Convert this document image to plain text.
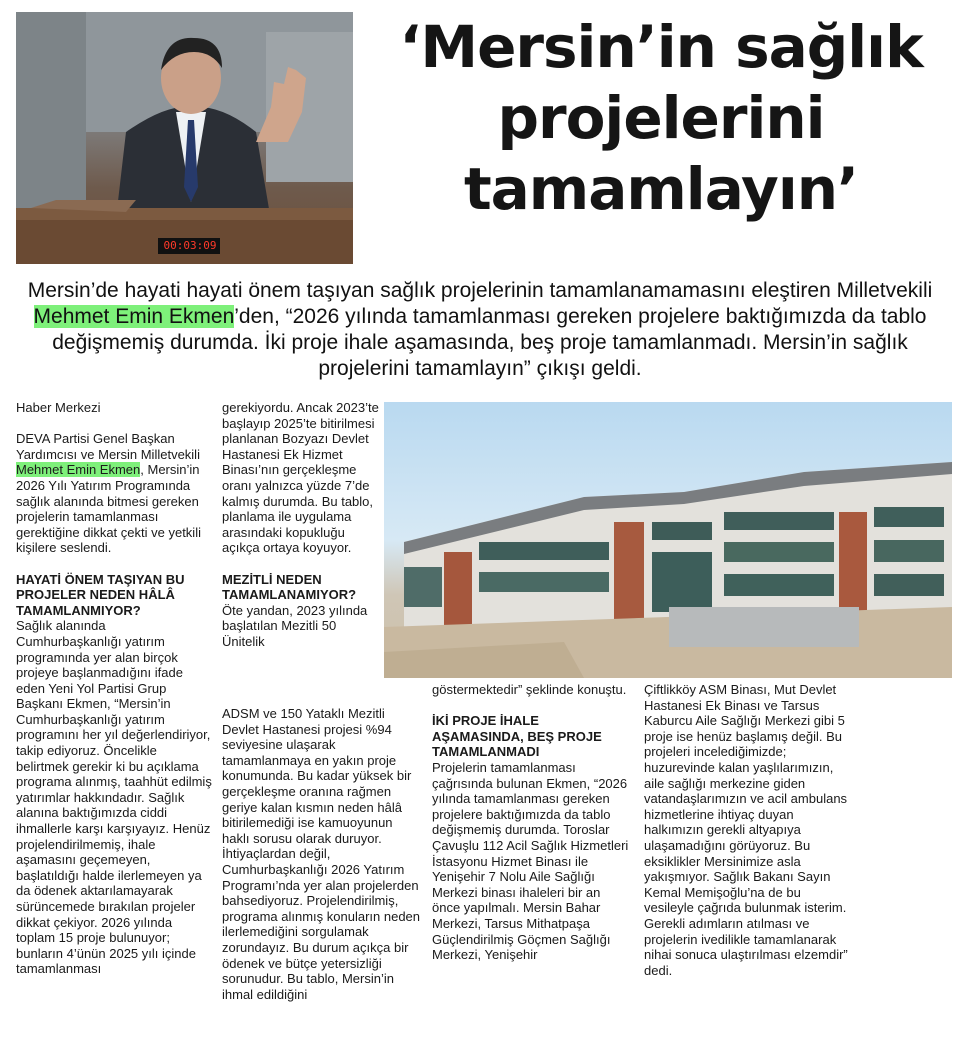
00:03:09
‘Mersin’in sağlık
projelerini
tamamlayın’
Mersin’de hayati hayati önem taşıyan sağlık projelerinin tamamlanamamasını eleştiren Milletvekili Mehmet Emin Ekmen’den, “2026 yılında tamamlanması gereken projelere baktığımızda da tablo değişmemiş durumda. İki proje ihale aşamasında, beş proje tamamlanmadı. Mersin’in sağlık projelerini tamamlayın” çıkışı geldi.

Haber Merkezi

DEVA Partisi Genel Başkan Yardımcısı ve Mersin Milletvekili Mehmet Emin Ekmen, Mersin’in 2026 Yılı Yatırım Programında sağlık alanında bitmesi gereken projelerin tamamlanması gerektiğine dikkat çekti ve yetkili kişilere seslendi.

HAYATİ ÖNEM TAŞIYAN BU PROJELER NEDEN HÂLÂ TAMAMLANMIYOR?

Sağlık alanında Cumhurbaşkanlığı yatırım programında yer alan birçok projeye başlanmadığını ifade eden Yeni Yol Partisi Grup Başkanı Ekmen, “Mersin’in Cumhurbaşkanlığı yatırım programını her yıl değerlendiriyor, takip ediyoruz. Öncelikle belirtmek gerekir ki bu açıklama programa alınmış, taahhüt edilmiş yatırımlar hakkındadır. Sağlık alanına baktığımızda ciddi ihmallerle karşı karşıyayız. Henüz projelendirilmemiş, ihale aşamasını geçemeyen, başlatıldığı halde ilerlemeyen ya da ödenek aktarılamayarak sürüncemede bırakılan projeler dikkat çekiyor. 2026 yılında toplam 15 proje bulunuyor; bunların 4’ünün 2025 yılı içinde tamamlanması

gerekiyordu. Ancak 2023’te başlayıp 2025’te bitirilmesi planlanan Bozyazı Devlet Hastanesi Ek Hizmet Binası’nın gerçekleşme oranı yalnızca yüzde 7’de kalmış durumda. Bu tablo, planlama ile uygulama arasındaki kopukluğu açıkça ortaya koyuyor.

MEZİTLİ NEDEN TAMAMLANAMIYOR?

Öte yandan, 2023 yılında başlatılan Mezitli 50 Ünitelik

ADSM ve 150 Yataklı Mezitli Devlet Hastanesi projesi %94 seviyesine ulaşarak tamamlanmaya en yakın proje konumunda. Bu kadar yüksek bir gerçekleşme oranına rağmen geriye kalan kısmın neden hâlâ bitirilemediği ise kamuoyunun haklı sorusu olarak duruyor. İhtiyaçlardan değil, Cumhurbaşkanlığı 2026 Yatırım Programı’nda yer alan projelerden bahsediyoruz. Projelendirilmiş, programa alınmış konuların neden ilerlemediğini sorgulamak zorundayız. Bu durum açıkça bir ödenek ve bütçe yetersizliği sorunudur. Bu tablo, Mersin’in ihmal edildiğini

göstermektedir” şeklinde konuştu.

İKİ PROJE İHALE AŞAMASINDA, BEŞ PROJE TAMAMLANMADI

Projelerin tamamlanması çağrısında bulunan Ekmen, “2026 yılında tamamlanması gereken projelere baktığımızda da tablo değişmemiş durumda. Toroslar Çavuşlu 112 Acil Sağlık Hizmetleri İstasyonu Hizmet Binası ile Yenişehir 7 Nolu Aile Sağlığı Merkezi binası ihaleleri bir an önce yapılmalı. Mersin Bahar Merkezi, Tarsus Mithatpaşa Güçlendirilmiş Göçmen Sağlığı Merkezi, Yenişehir

Çiftlikköy ASM Binası, Mut Devlet Hastanesi Ek Binası ve Tarsus Kaburcu Aile Sağlığı Merkezi gibi 5 proje ise henüz başlamış değil. Bu projeleri incelediğimizde; huzurevinde kalan yaşlılarımızın, aile sağlığı merkezine giden vatandaşlarımızın ve acil ambulans hizmetlerine ihtiyaç duyan halkımızın gerekli altyapıya ulaşamadığını görüyoruz. Bu eksiklikler Mersinimize asla yakışmıyor. Sağlık Bakanı Sayın Kemal Memişoğlu’na de bu vesileyle çağrıda bulunmak isterim. Gerekli adımların atılması ve projelerin ivedilikle tamamlanarak nihai sonuca ulaştırılması elzemdir” dedi.
